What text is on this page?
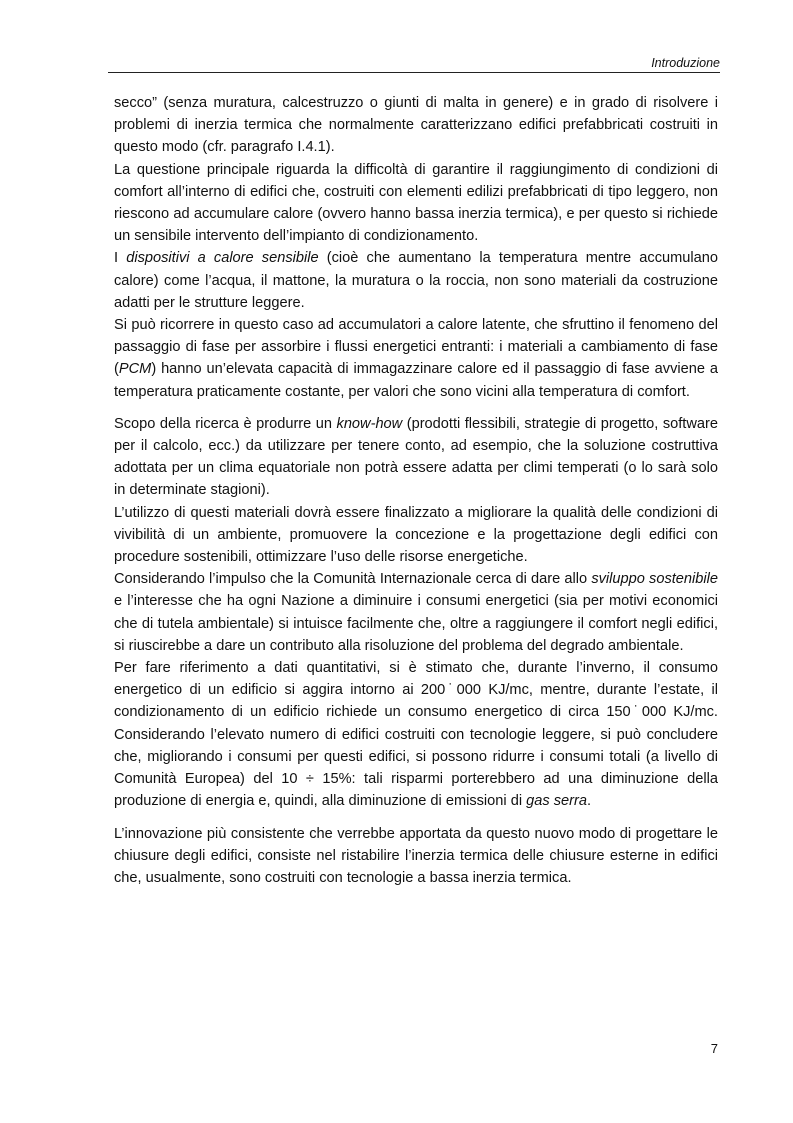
Introduzione

secco” (senza muratura, calcestruzzo o giunti di malta in genere) e in grado di risolvere i problemi di inerzia termica che normalmente caratterizzano edifici prefabbricati costruiti in questo modo (cfr. paragrafo I.4.1).

La questione principale riguarda la difficoltà di garantire il raggiungimento di condizioni di comfort all’interno di edifici che, costruiti con elementi edilizi prefabbricati di tipo leggero, non riescono ad accumulare calore (ovvero hanno bassa inerzia termica), e per questo si richiede un sensibile intervento dell’impianto di condizionamento.

I dispositivi a calore sensibile (cioè che aumentano la temperatura mentre accumulano calore) come l’acqua, il mattone, la muratura o la roccia, non sono materiali da costruzione adatti per le strutture leggere.

Si può ricorrere in questo caso ad accumulatori a calore latente, che sfruttino il fenomeno del passaggio di fase per assorbire i flussi energetici entranti: i materiali a cambiamento di fase (PCM) hanno un’elevata capacità di immagazzinare calore ed il passaggio di fase avviene a temperatura praticamente costante, per valori che sono vicini alla temperatura di comfort.

Scopo della ricerca è produrre un know-how (prodotti flessibili, strategie di progetto, software per il calcolo, ecc.) da utilizzare per tenere conto, ad esempio, che la soluzione costruttiva adottata per un clima equatoriale non potrà essere adatta per climi temperati (o lo sarà solo in determinate stagioni).

L’utilizzo di questi materiali dovrà essere finalizzato a migliorare la qualità delle condizioni di vivibilità di un ambiente, promuovere la concezione e la progettazione degli edifici con procedure sostenibili, ottimizzare l’uso delle risorse energetiche.

Considerando l’impulso che la Comunità Internazionale cerca di dare allo sviluppo sostenibile e l’interesse che ha ogni Nazione a diminuire i consumi energetici (sia per motivi economici che di tutela ambientale) si intuisce facilmente che, oltre a raggiungere il comfort negli edifici, si riuscirebbe a dare un contributo alla risoluzione del problema del degrado ambientale.

Per fare riferimento a dati quantitativi, si è stimato che, durante l’inverno, il consumo energetico di un edificio si aggira intorno ai 200˙000 KJ/mc, mentre, durante l’estate, il condizionamento di un edificio richiede un consumo energetico di circa 150˙000 KJ/mc. Considerando l’elevato numero di edifici costruiti con tecnologie leggere, si può concludere che, migliorando i consumi per questi edifici, si possono ridurre i consumi totali (a livello di Comunità Europea) del 10 ÷ 15%: tali risparmi porterebbero ad una diminuzione della produzione di energia e, quindi, alla diminuzione di emissioni di gas serra.

L’innovazione più consistente che verrebbe apportata da questo nuovo modo di progettare le chiusure degli edifici, consiste nel ristabilire l’inerzia termica delle chiusure esterne in edifici che, usualmente, sono costruiti con tecnologie a bassa inerzia termica.

7
